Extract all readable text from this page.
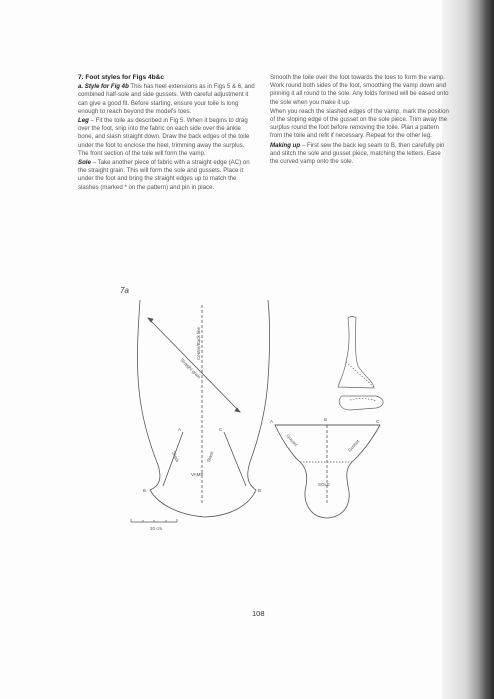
7. Foot styles for Figs 4b&c

a. Style for Fig 4b This has heel extensions as in Figs 5 & 6, and combined half-sole and side gussets. With careful adjustment it can give a good fit. Before starting, ensure your toile is long enough to reach beyond the model's toes.

Leg – Fit the toile as described in Fig 5. When it begins to drag over the foot, snip into the fabric on each side over the ankle bone, and slash straight down. Draw the back edges of the toile under the foot to enclose the heel, trimming away the surplus. The front section of the toile will form the vamp.

Sole – Take another piece of fabric with a straight edge (AC) on the straight grain. This will form the sole and gussets. Place it under the foot and bring the straight edges up to match the slashes (marked * on the pattern) and pin in place.

Smooth the toile over the foot towards the toes to form the vamp. Work round both sides of the foot, smoothing the vamp down and pinning it all round to the sole. Any folds formed will be eased onto the sole when you make it up.

When you reach the slashed edges of the vamp, mark the position of the sloping edge of the gusset on the sole piece. Trim away the surplus round the foot before removing the toile. Plan a pattern from the toile and refit if necessary. Repeat for the other leg.

Making up – First sew the back leg seam to B, then carefully pin and stitch the sole and gusset piece, matching the letters. Ease the curved vamp onto the sole.

7a
Centre/Back line
Straight grain
Slash	Slash
VAMP
A	C
B	B
20 cm
A	B	C
Gusset	Gusset
SOLE
108
